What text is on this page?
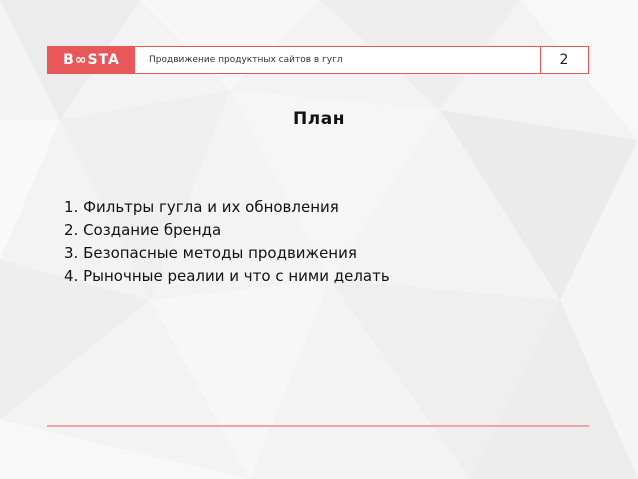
B∞STA	Продвижение продуктных сайтов в гугл	2
План
1. Фильтры гугла и их обновления
2. Создание бренда
3. Безопасные методы продвижения
4. Рыночные реалии и что с ними делать
